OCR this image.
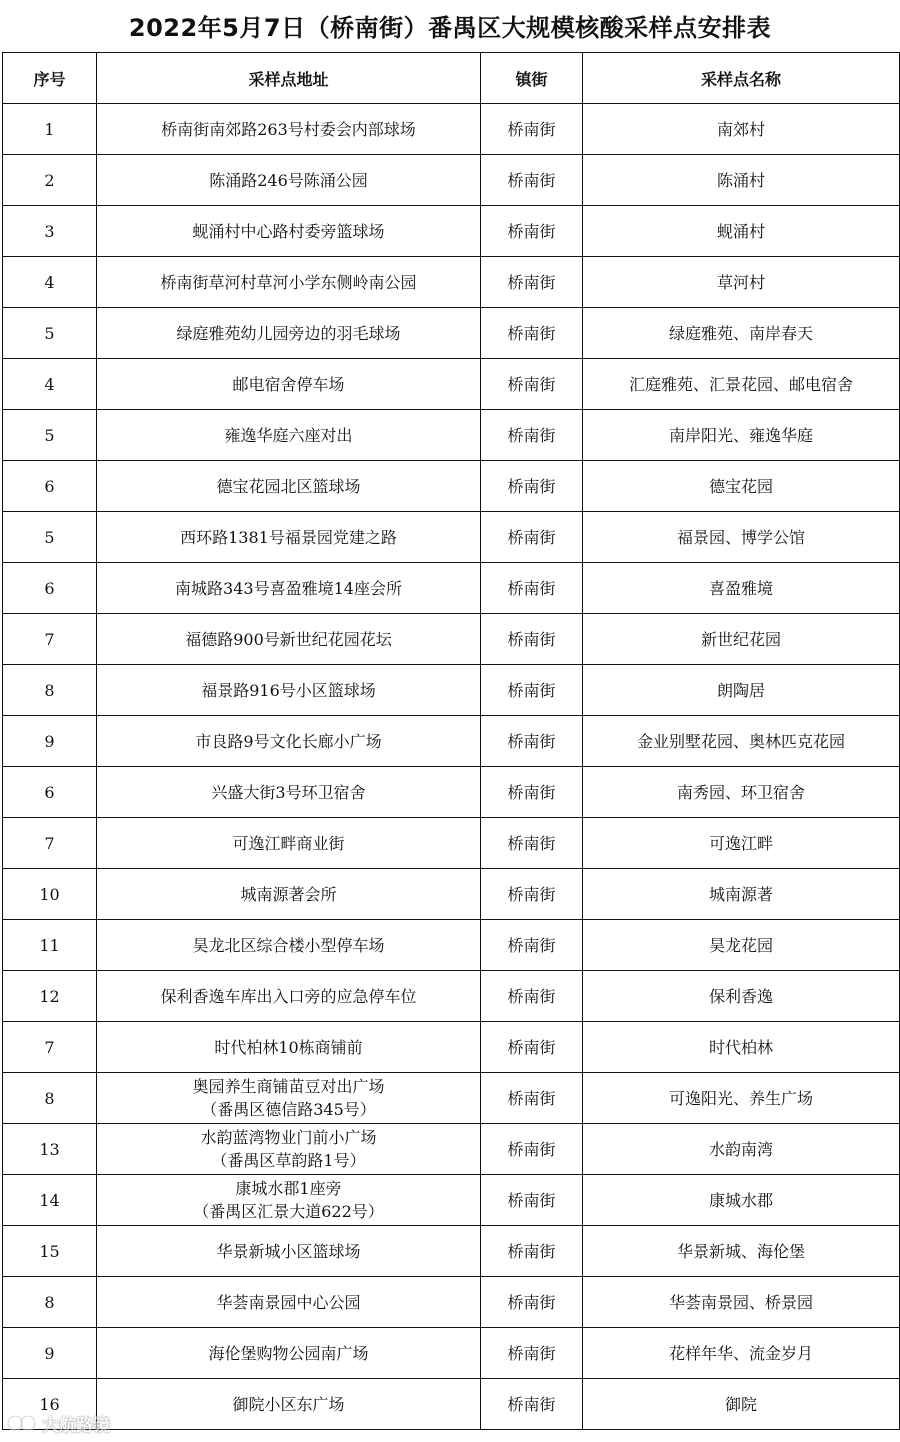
2022年5月7日（桥南街）番禺区大规模核酸采样点安排表
序号	采样点地址	镇街	采样点名称
1	桥南街南郊路263号村委会内部球场	桥南街	南郊村
2	陈涌路246号陈涌公园	桥南街	陈涌村
3	蚬涌村中心路村委旁篮球场	桥南街	蚬涌村
4	桥南街草河村草河小学东侧岭南公园	桥南街	草河村
5	绿庭雅苑幼儿园旁边的羽毛球场	桥南街	绿庭雅苑、南岸春天
4	邮电宿舍停车场	桥南街	汇庭雅苑、汇景花园、邮电宿舍
5	雍逸华庭六座对出	桥南街	南岸阳光、雍逸华庭
6	德宝花园北区篮球场	桥南街	德宝花园
5	西环路1381号福景园党建之路	桥南街	福景园、博学公馆
6	南城路343号喜盈雅境14座会所	桥南街	喜盈雅境
7	福德路900号新世纪花园花坛	桥南街	新世纪花园
8	福景路916号小区篮球场	桥南街	朗陶居
9	市良路9号文化长廊小广场	桥南街	金业别墅花园、奥林匹克花园
6	兴盛大街3号环卫宿舍	桥南街	南秀园、环卫宿舍
7	可逸江畔商业街	桥南街	可逸江畔
10	城南源著会所	桥南街	城南源著
11	昊龙北区综合楼小型停车场	桥南街	昊龙花园
12	保利香逸车库出入口旁的应急停车位	桥南街	保利香逸
7	时代柏林10栋商铺前	桥南街	时代柏林
8	奥园养生商铺苗豆对出广场
（番禺区德信路345号）	桥南街	可逸阳光、养生广场
13	水韵蓝湾物业门前小广场
（番禺区草韵路1号）	桥南街	水韵南湾
14	康城水郡1座旁
（番禺区汇景大道622号）	桥南街	康城水郡
15	华景新城小区篮球场	桥南街	华景新城、海伦堡
8	华荟南景园中心公园	桥南街	华荟南景园、桥景园
9	海伦堡购物公园南广场	桥南街	花样年华、流金岁月
16	御院小区东广场	桥南街	御院
大航路镜
